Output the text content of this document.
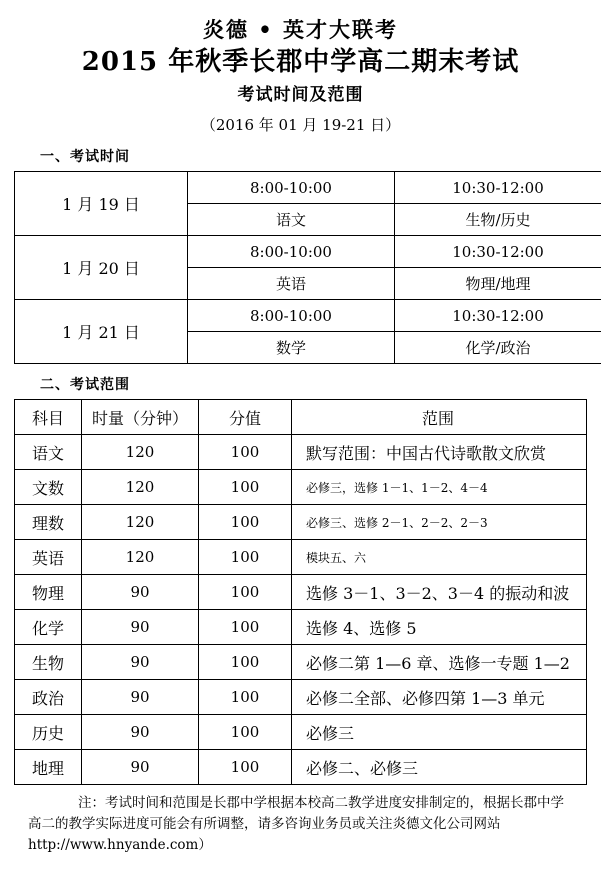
炎德 • 英才大联考
2015 年秋季长郡中学高二期末考试
考试时间及范围
（2016 年 01 月 19-21 日）
一、考试时间
1 月 19 日	8:00-10:00	10:30-12:00
	语文	生物/历史
1 月 20 日	8:00-10:00	10:30-12:00
	英语	物理/地理
1 月 21 日	8:00-10:00	10:30-12:00
	数学	化学/政治
二、考试范围
科目	时量（分钟）	分值	范围
语文	120	100	默写范围：中国古代诗歌散文欣赏
文数	120	100	必修三，选修 1－1、1－2、4－4
理数	120	100	必修三、选修 2－1、2－2、2－3
英语	120	100	模块五、六
物理	90	100	选修 3－1、3－2、3－4 的振动和波
化学	90	100	选修 4、选修 5
生物	90	100	必修二第 1—6 章、选修一专题 1—2
政治	90	100	必修二全部、必修四第 1—3 单元
历史	90	100	必修三
地理	90	100	必修二、必修三
注：考试时间和范围是长郡中学根据本校高二教学进度安排制定的，根据长郡中学高二的教学实际进度可能会有所调整，请多咨询业务员或关注炎德文化公司网站
http://www.hnyande.com）
